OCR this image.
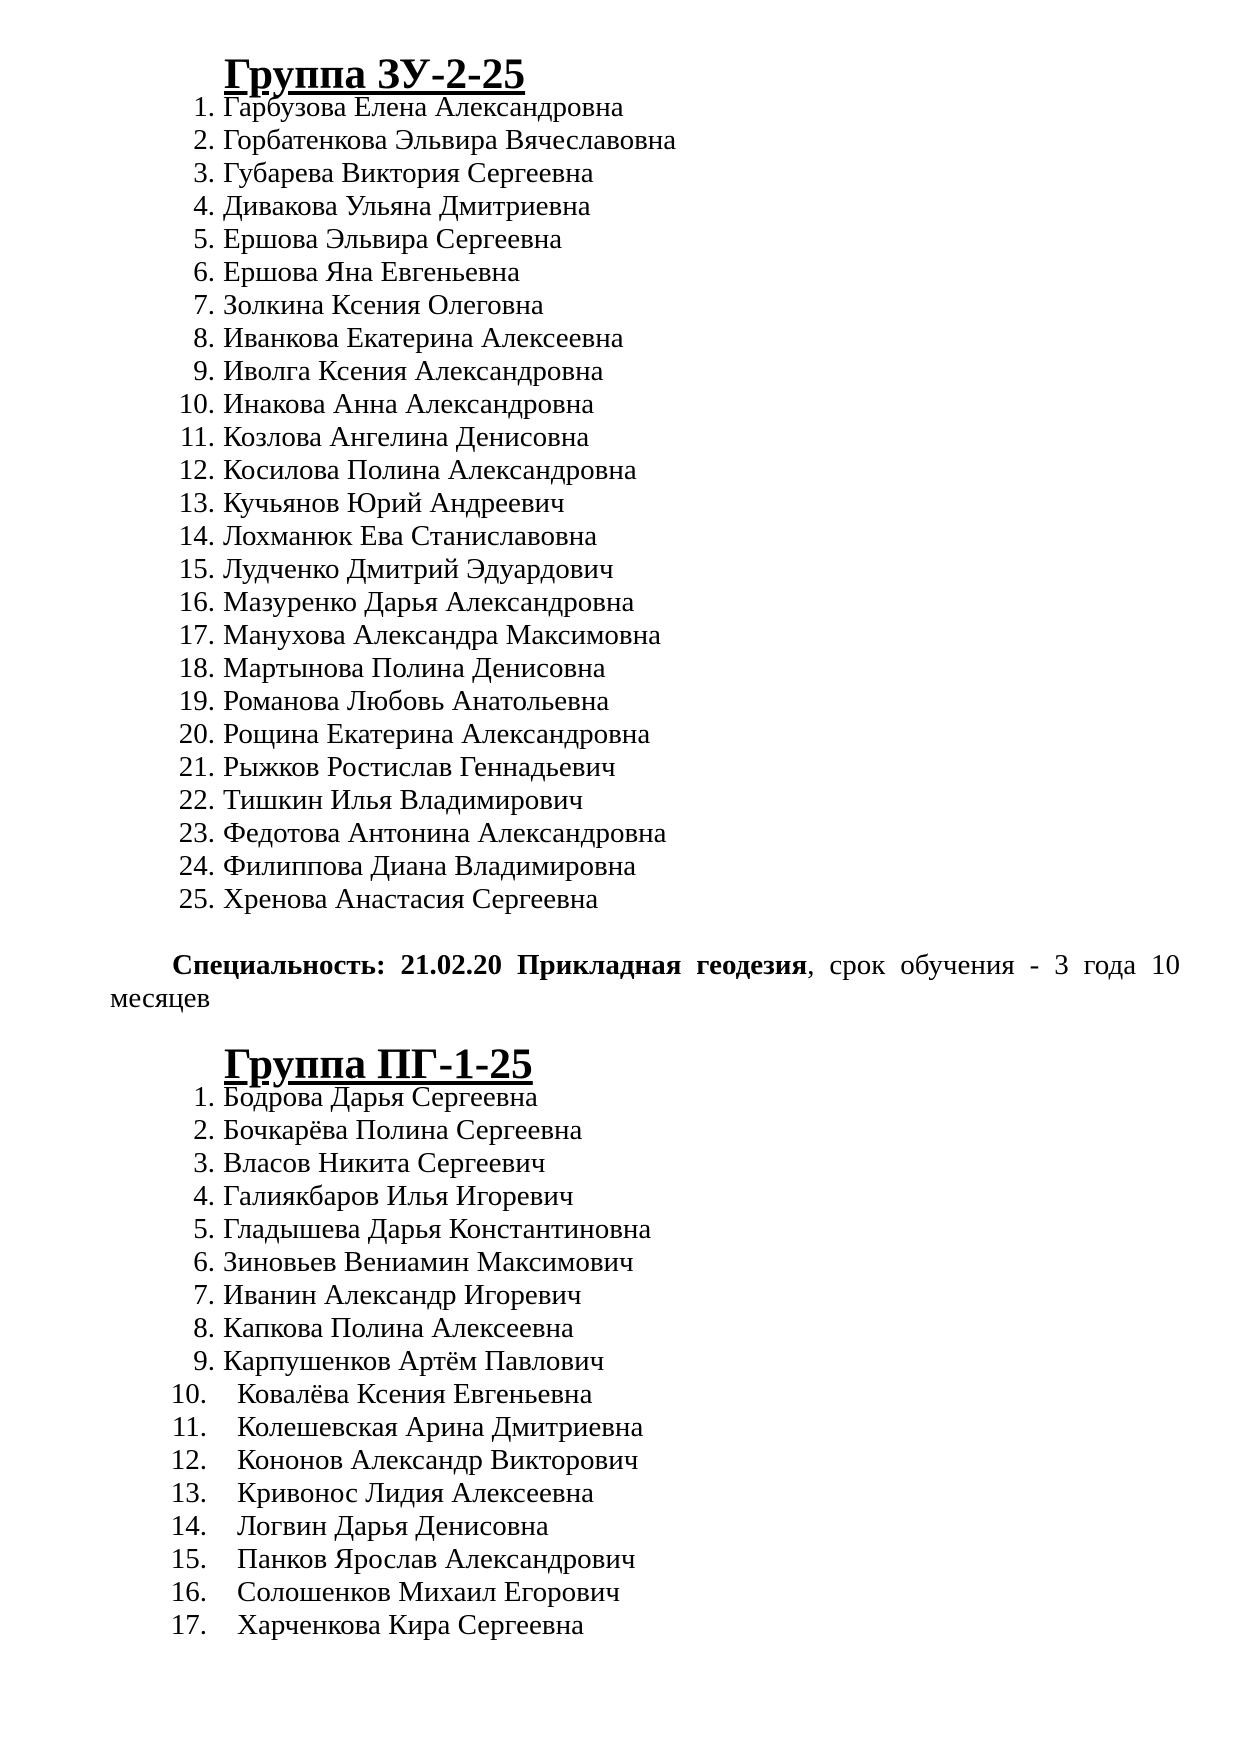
Группа ЗУ-2-25
1. Гарбузова Елена Александровна
2. Горбатенкова Эльвира Вячеславовна
3. Губарева Виктория Сергеевна
4. Дивакова Ульяна Дмитриевна
5. Ершова Эльвира Сергеевна
6. Ершова Яна Евгеньевна
7. Золкина Ксения Олеговна
8. Иванкова Екатерина Алексеевна
9. Иволга Ксения Александровна
10. Инакова Анна Александровна
11. Козлова Ангелина Денисовна
12. Косилова Полина Александровна
13. Кучьянов Юрий Андреевич
14. Лохманюк Ева Станиславовна
15. Лудченко Дмитрий Эдуардович
16. Мазуренко Дарья Александровна
17. Манухова Александра Максимовна
18. Мартынова Полина Денисовна
19. Романова Любовь Анатольевна
20. Рощина Екатерина Александровна
21. Рыжков Ростислав Геннадьевич
22. Тишкин Илья Владимирович
23. Федотова Антонина Александровна
24. Филиппова Диана Владимировна
25. Хренова Анастасия Сергеевна
Специальность: 21.02.20 Прикладная геодезия, срок обучения - 3 года 10
месяцев
Группа ПГ-1-25
1. Бодрова Дарья Сергеевна
2. Бочкарёва Полина Сергеевна
3. Власов Никита Сергеевич
4. Галиякбаров Илья Игоревич
5. Гладышева Дарья Константиновна
6. Зиновьев Вениамин Максимович
7. Иванин Александр Игоревич
8. Капкова Полина Алексеевна
9. Карпушенков Артём Павлович
10. Ковалёва Ксения Евгеньевна
11. Колешевская Арина Дмитриевна
12. Кононов Александр Викторович
13. Кривонос Лидия Алексеевна
14. Логвин Дарья Денисовна
15. Панков Ярослав Александрович
16. Солошенков Михаил Егорович
17. Харченкова Кира Сергеевна
